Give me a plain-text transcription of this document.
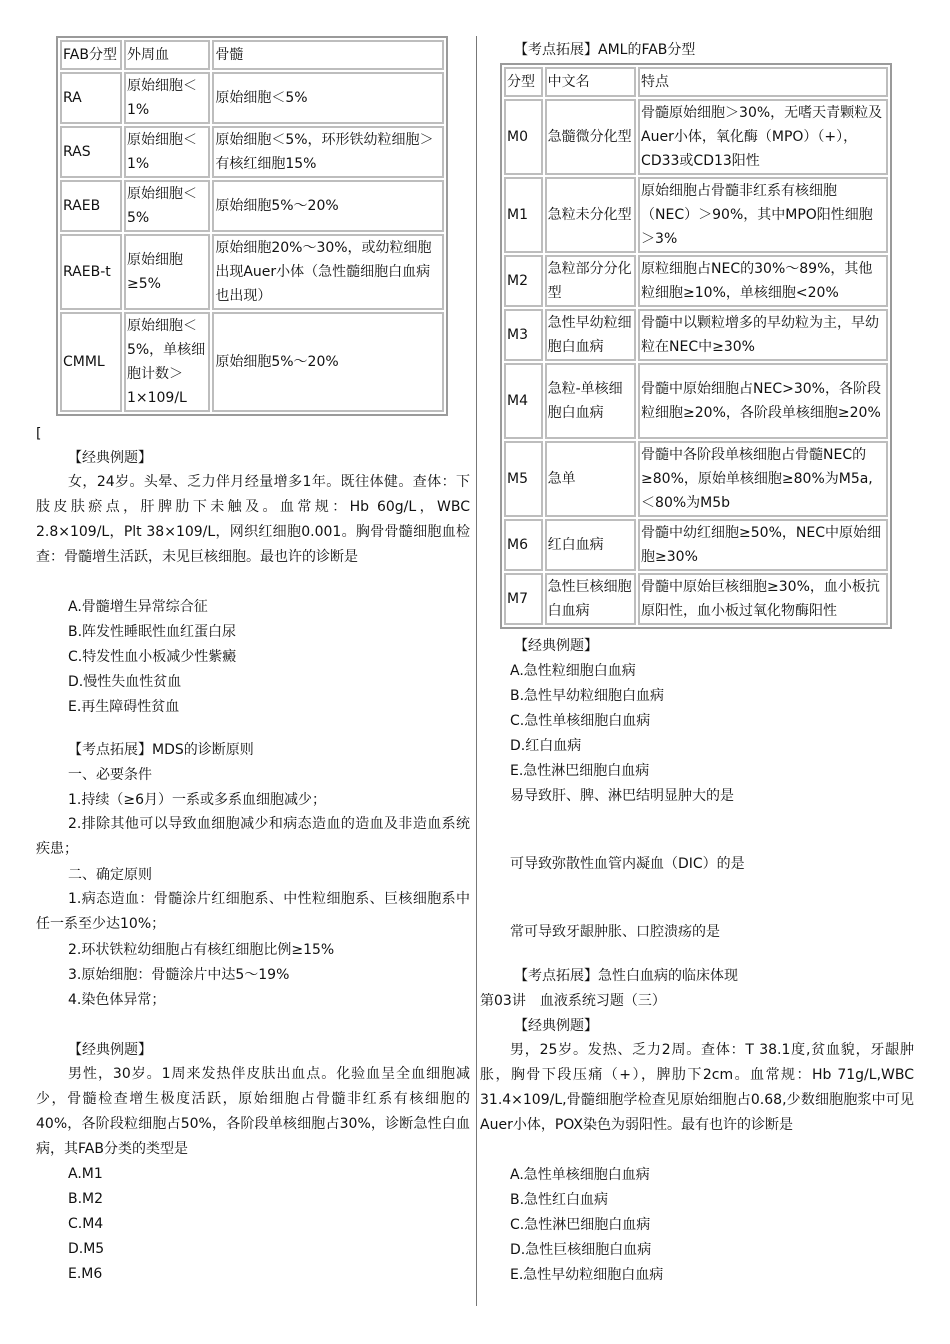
FAB分型	外周血	骨髓
RA	原始细胞＜1%	原始细胞＜5%
RAS	原始细胞＜1%	原始细胞＜5%，环形铁幼粒细胞＞有核红细胞15%
RAEB	原始细胞＜5%	原始细胞5%～20%
RAEB-t	原始细胞≥5%	原始细胞20%～30%，或幼粒细胞出现Auer小体（急性髓细胞白血病也出现）
CMML	原始细胞＜5%，单核细胞计数＞1×109/L	原始细胞5%～20%
[
【经典例题】
女，24岁。头晕、乏力伴月经量增多1年。既往体健。查体：下肢皮肤瘀点，肝脾肋下未触及。血常规：Hb 60g/L，WBC 2.8×109/L，Plt 38×109/L，网织红细胞0.001。胸骨骨髓细胞血检查：骨髓增生活跃，未见巨核细胞。最也许的诊断是
A.骨髓增生异常综合征
B.阵发性睡眠性血红蛋白尿
C.特发性血小板减少性紫癜
D.慢性失血性贫血
E.再生障碍性贫血
【考点拓展】MDS的诊断原则
一、必要条件
1.持续（≥6月）一系或多系血细胞减少；
2.排除其他可以导致血细胞减少和病态造血的造血及非造血系统疾患；
二、确定原则
1.病态造血：骨髓涂片红细胞系、中性粒细胞系、巨核细胞系中任一系至少达10%；
2.环状铁粒幼细胞占有核红细胞比例≥15%
3.原始细胞：骨髓涂片中达5～19%
4.染色体异常；
【经典例题】
男性，30岁。1周来发热伴皮肤出血点。化验血呈全血细胞减少，骨髓检查增生极度活跃，原始细胞占骨髓非红系有核细胞的40%，各阶段粒细胞占50%，各阶段单核细胞占30%，诊断急性白血病，其FAB分类的类型是
A.M1
B.M2
C.M4
D.M5
E.M6
【考点拓展】AML的FAB分型
分型	中文名	特点
M0	急髓微分化型	骨髓原始细胞＞30%，无嗜天青颗粒及Auer小体，氧化酶（MPO）（+），CD33或CD13阳性
M1	急粒未分化型	原始细胞占骨髓非红系有核细胞（NEC）＞90%，其中MPO阳性细胞＞3%
M2	急粒部分分化型	原粒细胞占NEC的30%～89%，其他粒细胞≥10%，单核细胞<20%
M3	急性早幼粒细胞白血病	骨髓中以颗粒增多的早幼粒为主，早幼粒在NEC中≥30%
M4	急粒-单核细胞白血病	骨髓中原始细胞占NEC>30%，各阶段粒细胞≥20%，各阶段单核细胞≥20%
M5	急单	骨髓中各阶段单核细胞占骨髓NEC的≥80%，原始单核细胞≥80%为M5a,＜80%为M5b
M6	红白血病	骨髓中幼红细胞≥50%，NEC中原始细胞≥30%
M7	急性巨核细胞白血病	骨髓中原始巨核细胞≥30%，血小板抗原阳性，血小板过氧化物酶阳性
【经典例题】
A.急性粒细胞白血病
B.急性早幼粒细胞白血病
C.急性单核细胞白血病
D.红白血病
E.急性淋巴细胞白血病
易导致肝、脾、淋巴结明显肿大的是
可导致弥散性血管内凝血（DIC）的是
常可导致牙龈肿胀、口腔溃疡的是
【考点拓展】急性白血病的临床体现
第03讲　血液系统习题（三）
【经典例题】
男，25岁。发热、乏力2周。查体：T 38.1度,贫血貌，牙龈肿胀，胸骨下段压痛（+），脾肋下2cm。血常规：Hb 71g/L,WBC 31.4×109/L,骨髓细胞学检查见原始细胞占0.68,少数细胞胞浆中可见Auer小体，POX染色为弱阳性。最有也许的诊断是
A.急性单核细胞白血病
B.急性红白血病
C.急性淋巴细胞白血病
D.急性巨核细胞白血病
E.急性早幼粒细胞白血病
